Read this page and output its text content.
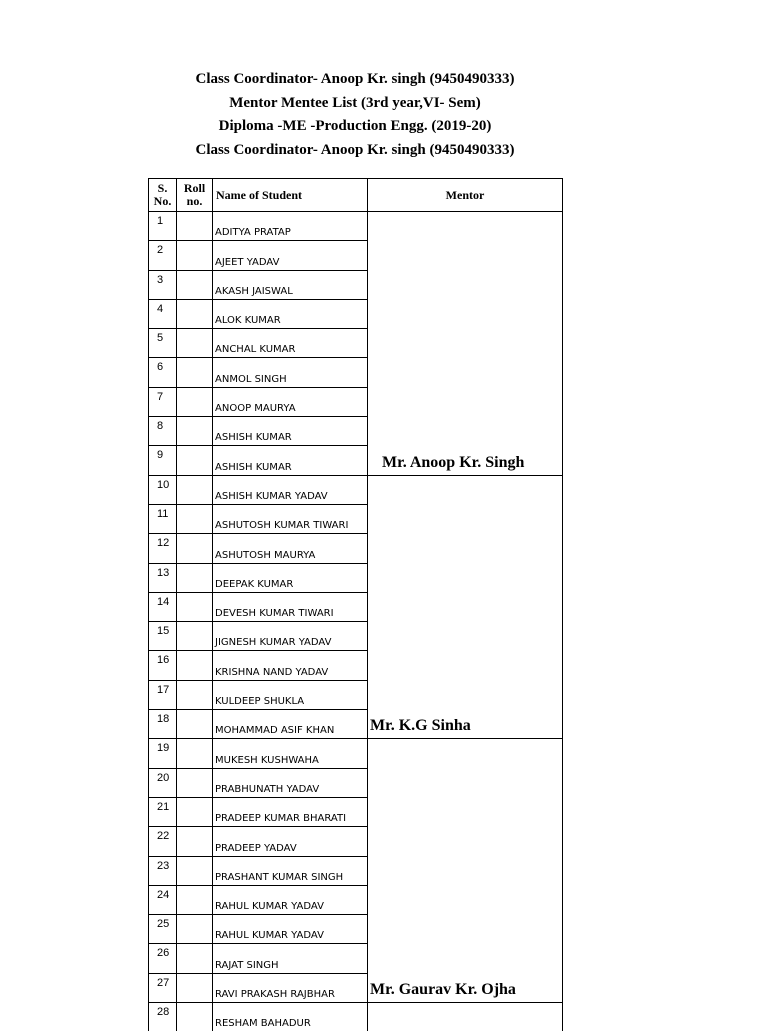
Class Coordinator- Anoop Kr. singh (9450490333)
Mentor Mentee List (3rd year,VI- Sem)
Diploma -ME -Production Engg. (2019-20)
Class Coordinator- Anoop Kr. singh (9450490333)
S. No.	Roll no.	Name of Student	Mentor
1		ADITYA PRATAP	Mr. Anoop Kr. Singh
2		AJEET YADAV	
3		AKASH JAISWAL	
4		ALOK KUMAR	
5		ANCHAL KUMAR	
6		ANMOL SINGH	
7		ANOOP MAURYA	
8		ASHISH KUMAR	
9		ASHISH KUMAR	
10		ASHISH KUMAR YADAV	Mr. K.G Sinha
11		ASHUTOSH KUMAR TIWARI	
12		ASHUTOSH MAURYA	
13		DEEPAK KUMAR	
14		DEVESH KUMAR TIWARI	
15		JIGNESH KUMAR YADAV	
16		KRISHNA NAND YADAV	
17		KULDEEP SHUKLA	
18		MOHAMMAD ASIF KHAN	
19		MUKESH KUSHWAHA	Mr. Gaurav Kr. Ojha
20		PRABHUNATH YADAV	
21		PRADEEP KUMAR BHARATI	
22		PRADEEP YADAV	
23		PRASHANT KUMAR SINGH	
24		RAHUL KUMAR YADAV	
25		RAHUL KUMAR YADAV	
26		RAJAT SINGH	
27		RAVI PRAKASH RAJBHAR	
28		RESHAM BAHADUR	
